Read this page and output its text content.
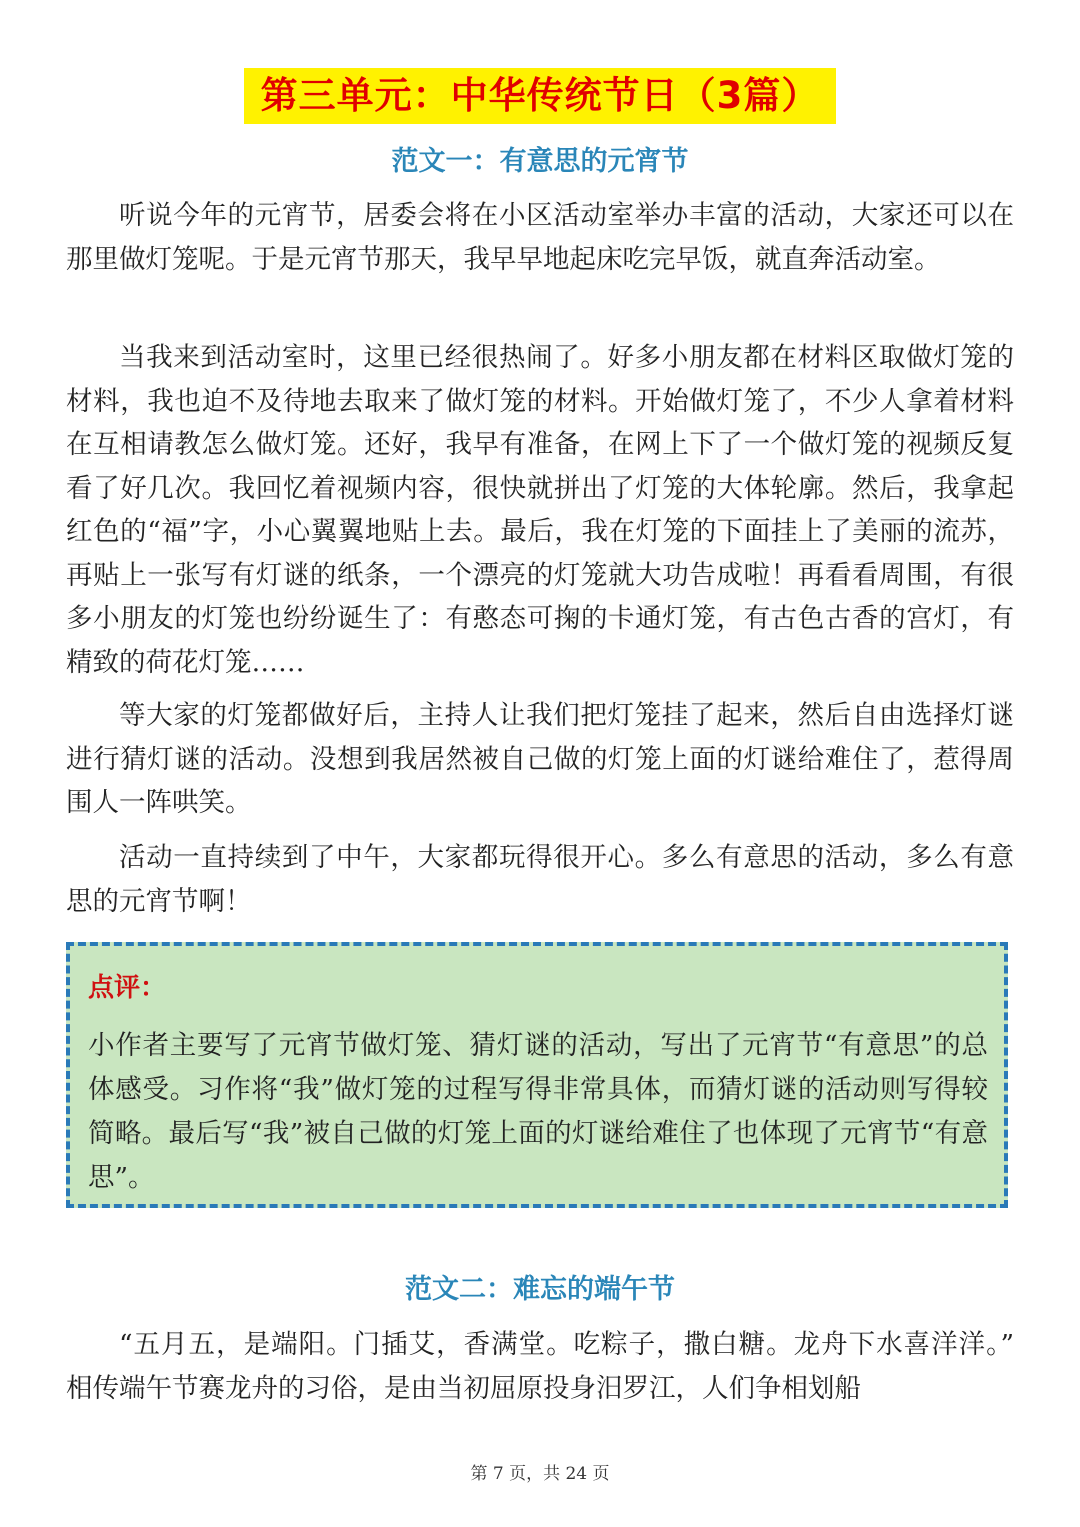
第三单元：中华传统节日（3篇）
范文一：有意思的元宵节

听说今年的元宵节，居委会将在小区活动室举办丰富的活动，大家还可以在那里做灯笼呢。于是元宵节那天，我早早地起床吃完早饭，就直奔活动室。

当我来到活动室时，这里已经很热闹了。好多小朋友都在材料区取做灯笼的材料，我也迫不及待地去取来了做灯笼的材料。开始做灯笼了，不少人拿着材料在互相请教怎么做灯笼。还好，我早有准备，在网上下了一个做灯笼的视频反复看了好几次。我回忆着视频内容，很快就拼出了灯笼的大体轮廓。然后，我拿起红色的“福”字，小心翼翼地贴上去。最后，我在灯笼的下面挂上了美丽的流苏， 再贴上一张写有灯谜的纸条，一个漂亮的灯笼就大功告成啦！再看看周围，有很多小朋友的灯笼也纷纷诞生了：有憨态可掬的卡通灯笼，有古色古香的宫灯，有精致的荷花灯笼……

等大家的灯笼都做好后，主持人让我们把灯笼挂了起来，然后自由选择灯谜进行猜灯谜的活动。没想到我居然被自己做的灯笼上面的灯谜给难住了，惹得周围人一阵哄笑。

活动一直持续到了中午，大家都玩得很开心。多么有意思的活动，多么有意思的元宵节啊！

点评：

小作者主要写了元宵节做灯笼、猜灯谜的活动，写出了元宵节“有意思”的总体感受。习作将“我”做灯笼的过程写得非常具体，而猜灯谜的活动则写得较简略。最后写“我”被自己做的灯笼上面的灯谜给难住了也体现了元宵节“有意思”。

范文二：难忘的端午节

“五月五，是端阳。门插艾，香满堂。吃粽子，撒白糖。龙舟下水喜洋洋。” 相传端午节赛龙舟的习俗，是由当初屈原投身汨罗江，人们争相划船

第 7 页，共 24 页
